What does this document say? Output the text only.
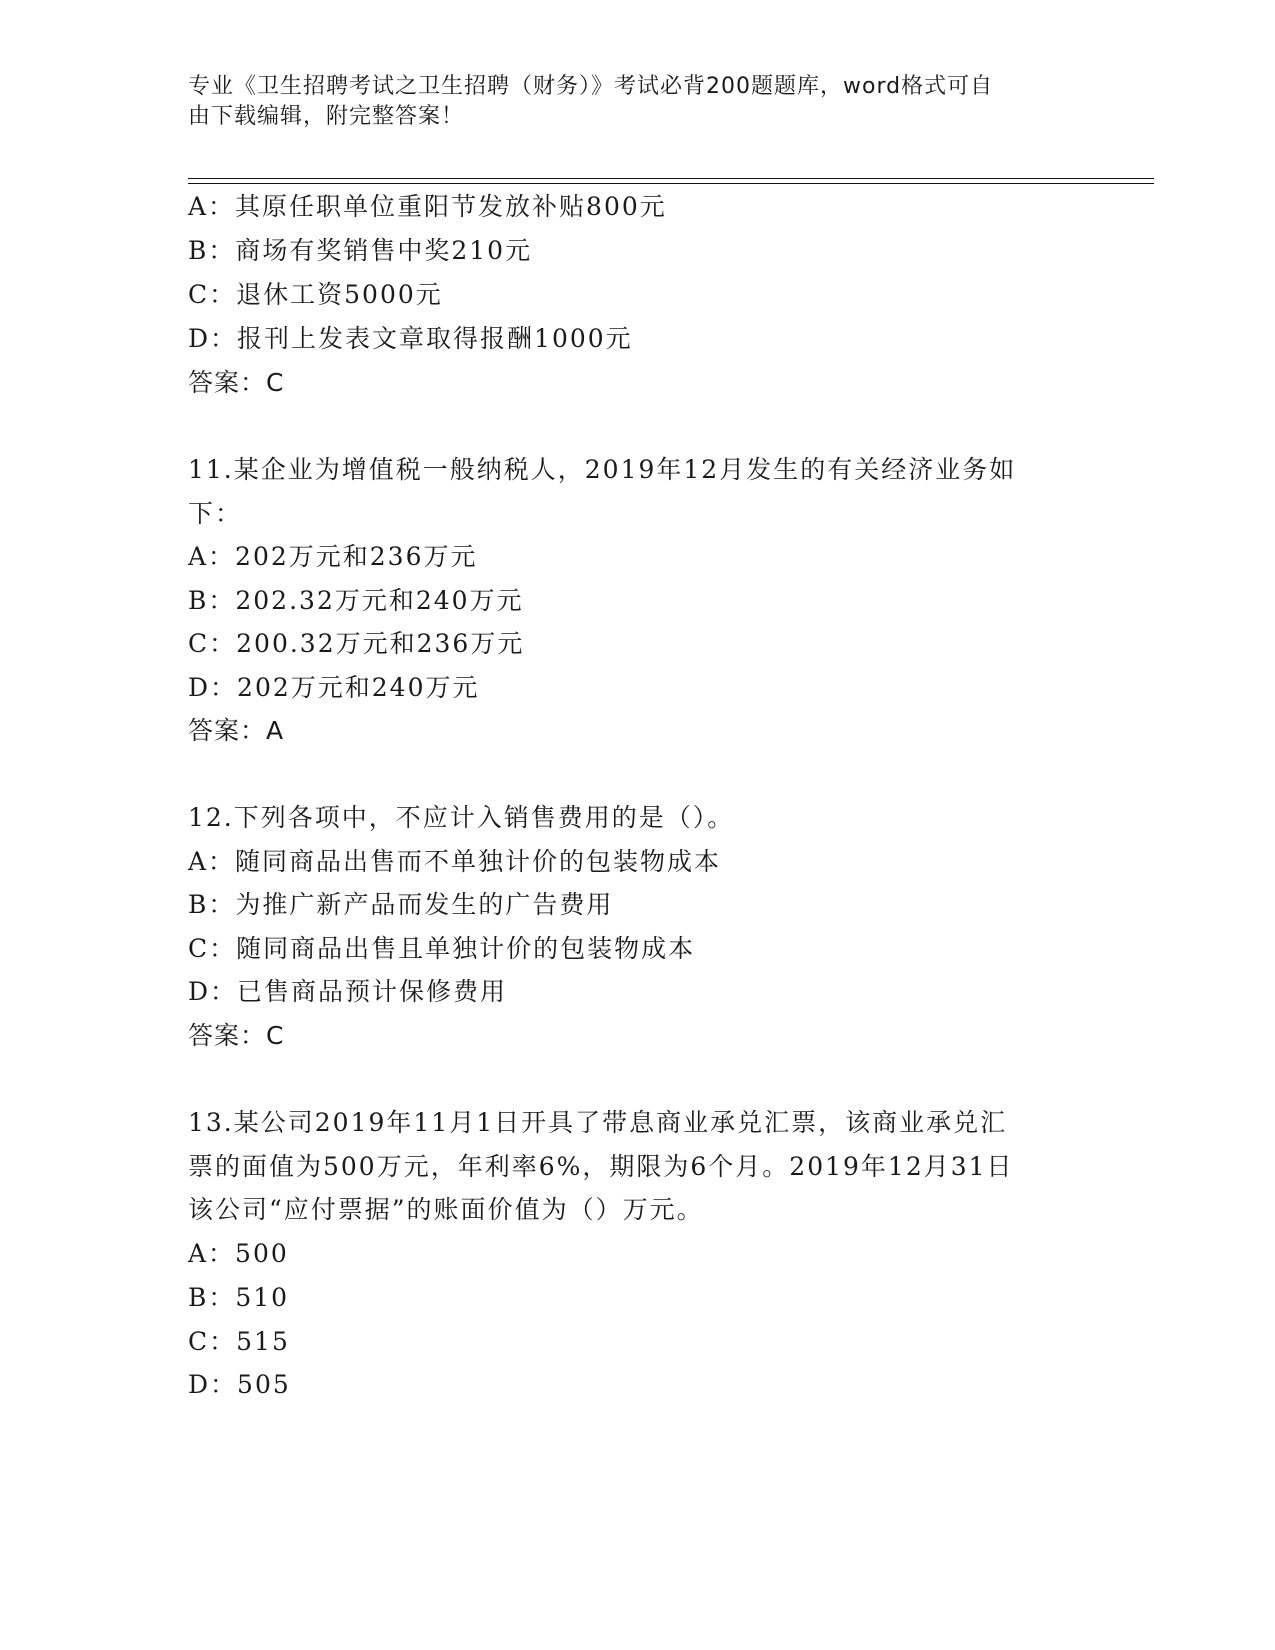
专业《卫生招聘考试之卫生招聘（财务）》考试必背200题题库，word格式可自
由下载编辑，附完整答案！
A：其原任职单位重阳节发放补贴800元
B：商场有奖销售中奖210元
C：退休工资5000元
D：报刊上发表文章取得报酬1000元
答案：C
11.某企业为增值税一般纳税人，2019年12月发生的有关经济业务如
下：
A：202万元和236万元
B：202.32万元和240万元
C：200.32万元和236万元
D：202万元和240万元
答案：A
12.下列各项中，不应计入销售费用的是（）。
A：随同商品出售而不单独计价的包装物成本
B：为推广新产品而发生的广告费用
C：随同商品出售且单独计价的包装物成本
D：已售商品预计保修费用
答案：C
13.某公司2019年11月1日开具了带息商业承兑汇票，该商业承兑汇
票的面值为500万元，年利率6%，期限为6个月。2019年12月31日
该公司“应付票据”的账面价值为（）万元。
A：500
B：510
C：515
D：505
